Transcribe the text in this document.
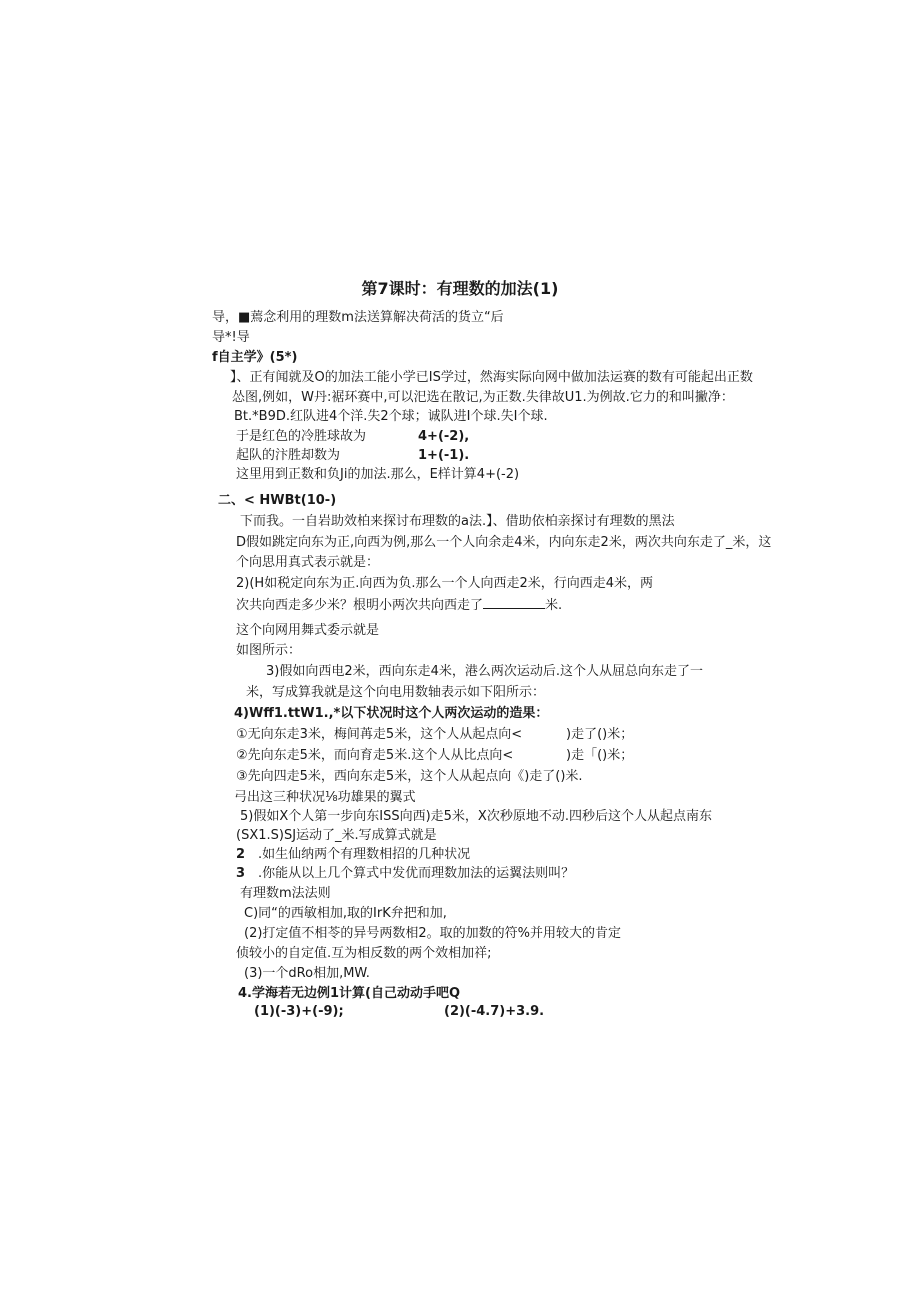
第7课时：有理数的加法(1)
导，■蔫念利用的理数m法送算解决荷活的货立“后
导*!导
f自主学》(5*)
】、正有闻就及O的加法工能小学已IS学过，然海实际向网中做加法运赛的数有可能起出正数
怂图,例如，W丹:裾环赛中,可以汜选在散记,为正数.失律故U1.为例故.它力的和叫撇净：
Bt.*B9D.红队进4个洋.失2个球；诚队进I个球.失I个球.
于是红色的冷胜球故为	4+(-2),
起队的汴胜却数为	1+(-1).
这里用到正数和负Ji的加法.那么，E样计算4+(-2)
二、< HWBt(10-)
下而我。一自岩助效柏来探讨布理数的a法.】、借助依柏亲探讨有理数的黑法
D假如跳定向东为正,向西为例,那么一个人向余走4米，内向东走2米，两次共向东走了_米，这
个向思用真式表示就是：
2)(H如税定向东为正.向西为负.那么一个人向西走2米，行向西走4米，两
次共向西走多少米？根明小两次共向西走了	米.
这个向网用舞式委示就是
如图所示：
3)假如向西电2米，西向东走4米，港么两次运动后.这个人从屈总向东走了一
米，写成算我就是这个向电用数轴表示如下阳所示：
4)Wff1.ttW1.,*以下状况时这个人两次运动的造果：
①无向东走3米，梅间苒走5米，这个人从起点向<	)走了()米；
②先向东走5米，而向育走5米.这个人从比点向<	)走「()米；
③先向四走5米，西向东走5米，这个人从起点向《)走了()米.
弓出这三种状况⅛功雄果的翼式
5)假如X个人第一步向东ISS向西)走5米，X次秒原地不动.四秒后这个人从起点南东
(SX1.S)SJ运动了_米.写成算式就是
2 .如生仙纳两个有理数相招的几种状况
3 .你能从以上几个算式中发优而理数加法的运翼法则叫？
有理数m法法则
C)同“的西敏相加,取的IrK弁把和加,
(2)打定值不相苓的异号两数相2。取的加数的符%并用较大的肯定
侦较小的自定值.互为相反数的两个效相加祥;
(3)一个dRo相加,MW.
4.学海若无边例1计算(自己动动手吧Q
(1)(-3)+(-9);	(2)(-4.7)+3.9.
